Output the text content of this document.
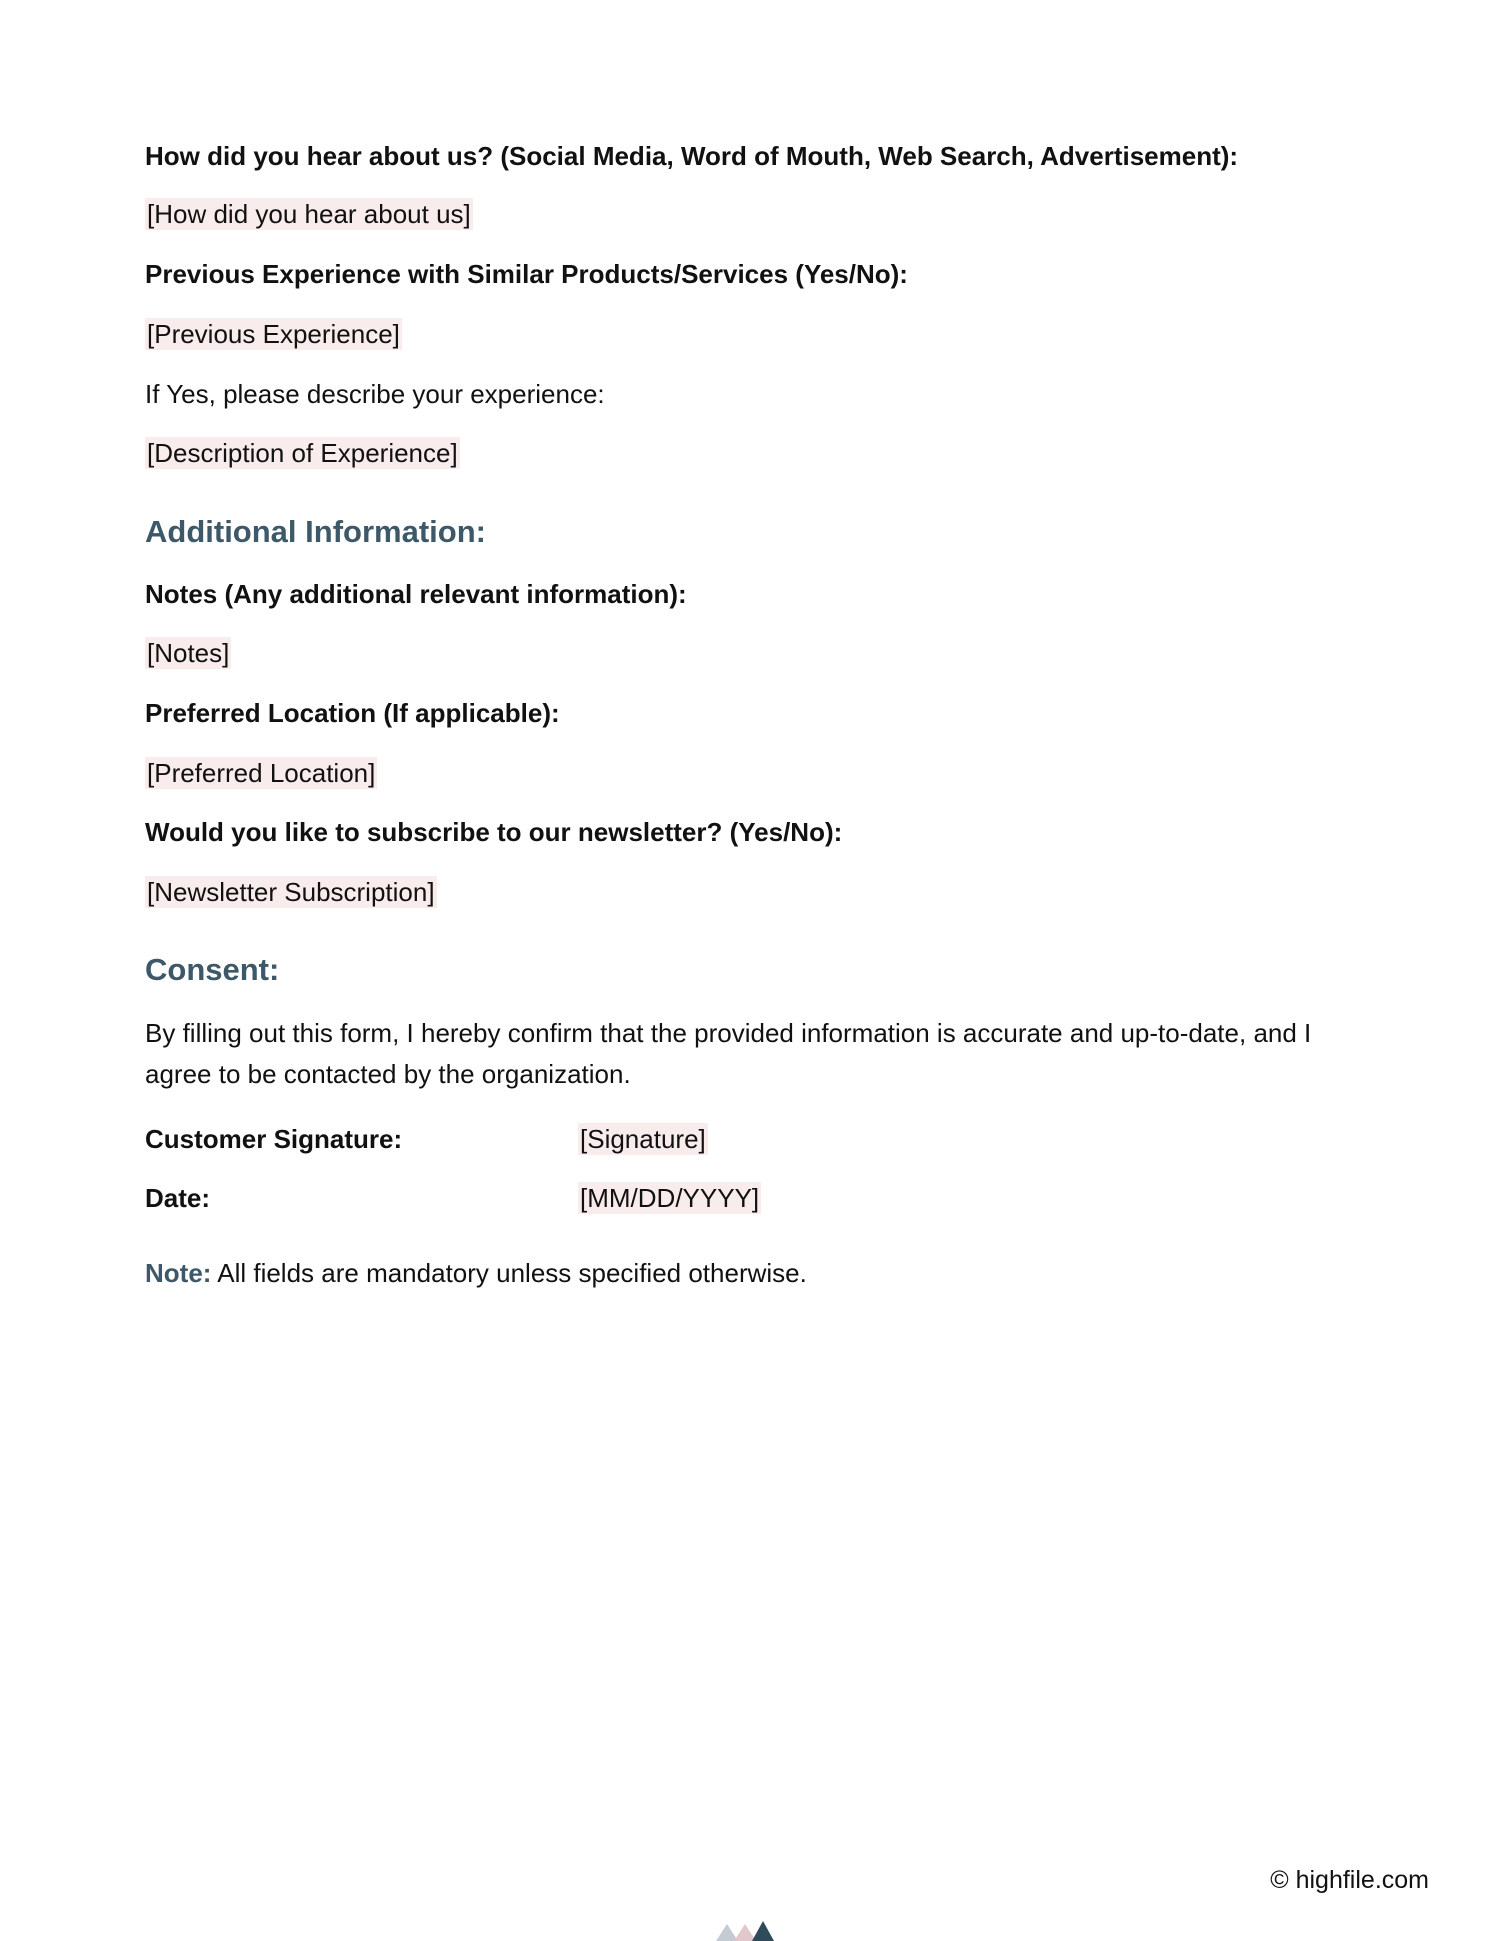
How did you hear about us? (Social Media, Word of Mouth, Web Search, Advertisement):
[How did you hear about us]
Previous Experience with Similar Products/Services (Yes/No):
[Previous Experience]
If Yes, please describe your experience:
[Description of Experience]
Additional Information:
Notes (Any additional relevant information):
[Notes]
Preferred Location (If applicable):
[Preferred Location]
Would you like to subscribe to our newsletter? (Yes/No):
[Newsletter Subscription]
Consent:
By filling out this form, I hereby confirm that the provided information is accurate and up-to-date, and I agree to be contacted by the organization.
Customer Signature:	[Signature]
Date:	[MM/DD/YYYY]
Note: All fields are mandatory unless specified otherwise.
© highfile.com
